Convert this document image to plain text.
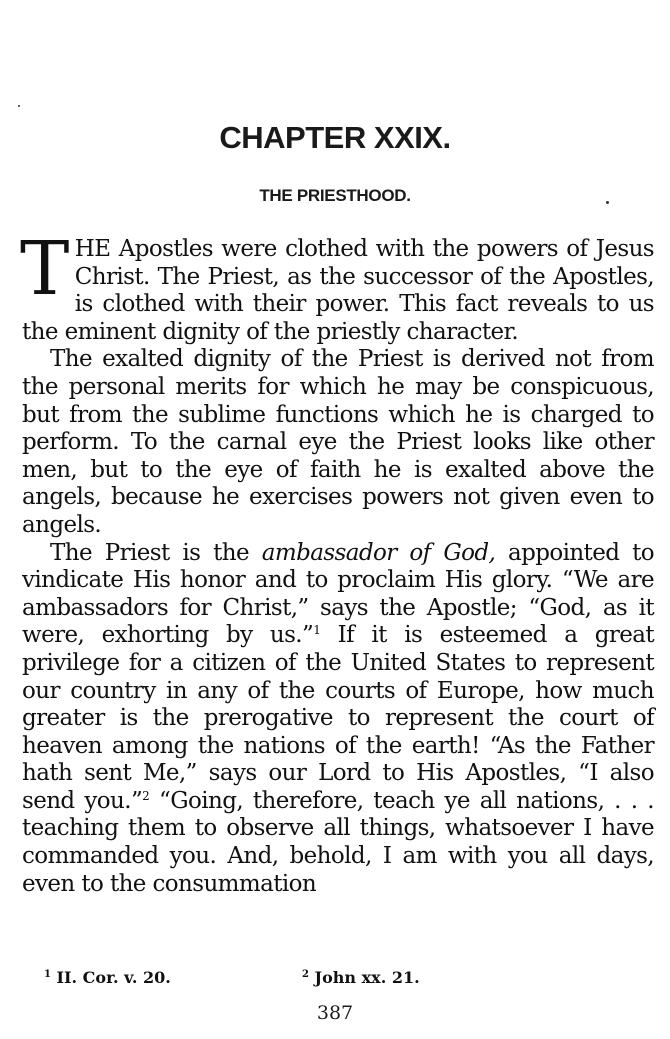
CHAPTER XXIX.
THE PRIESTHOOD.

THE Apostles were clothed with the powers of Jesus Christ. The Priest, as the successor of the Apostles, is clothed with their power. This fact reveals to us the eminent dignity of the priestly character.

The exalted dignity of the Priest is derived not from the personal merits for which he may be conspicuous, but from the sublime functions which he is charged to perform. To the carnal eye the Priest looks like other men, but to the eye of faith he is exalted above the angels, because he exercises powers not given even to angels.

The Priest is the ambassador of God, appointed to vindicate His honor and to proclaim His glory. “We are ambassadors for Christ,” says the Apostle; “God, as it were, exhorting by us.”$^1$ If it is esteemed a great privilege for a citizen of the United States to represent our country in any of the courts of Europe, how much greater is the prerogative to represent the court of heaven among the nations of the earth! “As the Father hath sent Me,” says our Lord to His Apostles, “I also send you.”$^2$ “Going, therefore, teach ye all nations, . . . teaching them to observe all things, whatsoever I have commanded you. And, behold, I am with you all days, even to the consummation

$^1$ II. Cor. v. 20.	$^2$ John xx. 21.
387
